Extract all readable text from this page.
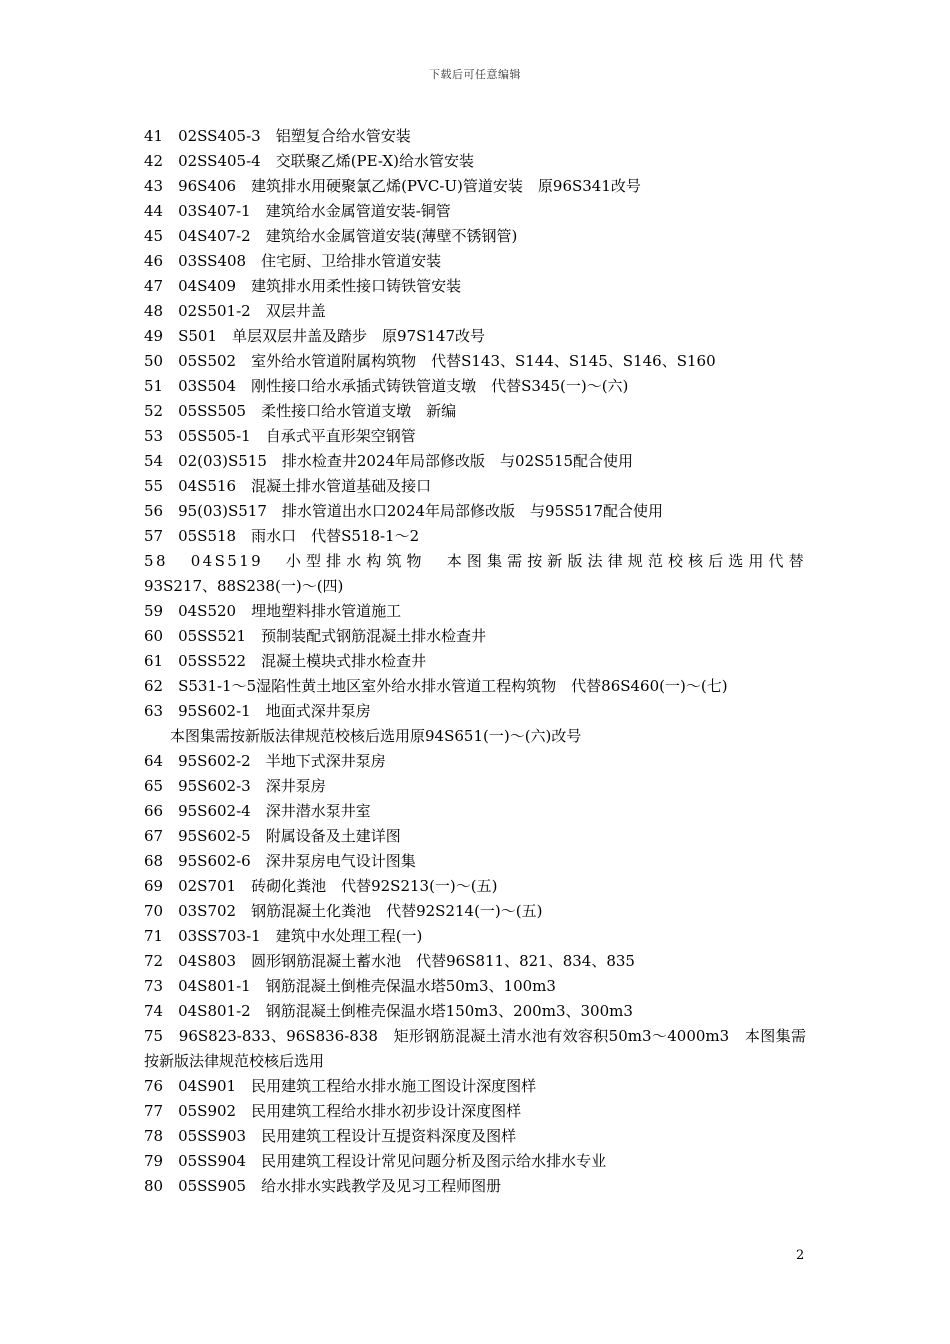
下载后可任意编辑
41　02SS405-3　铝塑复合给水管安装
42　02SS405-4　交联聚乙烯(PE-X)给水管安装
43　96S406　建筑排水用硬聚氯乙烯(PVC-U)管道安装　原96S341改号
44　03S407-1　建筑给水金属管道安装-铜管
45　04S407-2　建筑给水金属管道安装(薄壁不锈钢管)
46　03SS408　住宅厨、卫给排水管道安装
47　04S409　建筑排水用柔性接口铸铁管安装
48　02S501-2　双层井盖
49　S501　单层双层井盖及踏步　原97S147改号
50　05S502　室外给水管道附属构筑物　代替S143、S144、S145、S146、S160
51　03S504　刚性接口给水承插式铸铁管道支墩　代替S345(一)～(六)
52　05SS505　柔性接口给水管道支墩　新编
53　05S505-1　自承式平直形架空钢管
54　02(03)S515　排水检查井2024年局部修改版　与02S515配合使用
55　04S516　混凝土排水管道基础及接口
56　95(03)S517　排水管道出水口2024年局部修改版　与95S517配合使用
57　05S518　雨水口　代替S518-1～2
58　04S519　小型排水构筑物　本图集需按新版法律规范校核后选用代替
93S217、88S238(一)～(四)
59　04S520　埋地塑料排水管道施工
60　05SS521　预制装配式钢筋混凝土排水检查井
61　05SS522　混凝土模块式排水检查井
62　S531-1～5湿陷性黄土地区室外给水排水管道工程构筑物　代替86S460(一)～(七)
63　95S602-1　地面式深井泵房
本图集需按新版法律规范校核后选用原94S651(一)～(六)改号
64　95S602-2　半地下式深井泵房
65　95S602-3　深井泵房
66　95S602-4　深井潜水泵井室
67　95S602-5　附属设备及土建详图
68　95S602-6　深井泵房电气设计图集
69　02S701　砖砌化粪池　代替92S213(一)～(五)
70　03S702　钢筋混凝土化粪池　代替92S214(一)～(五)
71　03SS703-1　建筑中水处理工程(一)
72　04S803　圆形钢筋混凝土蓄水池　代替96S811、821、834、835
73　04S801-1　钢筋混凝土倒椎壳保温水塔50m3、100m3
74　04S801-2　钢筋混凝土倒椎壳保温水塔150m3、200m3、300m3
75　96S823-833、96S836-838　矩形钢筋混凝土清水池有效容积50m3～4000m3　本图集需按新版法律规范校核后选用
76　04S901　民用建筑工程给水排水施工图设计深度图样
77　05S902　民用建筑工程给水排水初步设计深度图样
78　05SS903　民用建筑工程设计互提资料深度及图样
79　05SS904　民用建筑工程设计常见问题分析及图示给水排水专业
80　05SS905　给水排水实践教学及见习工程师图册
2
